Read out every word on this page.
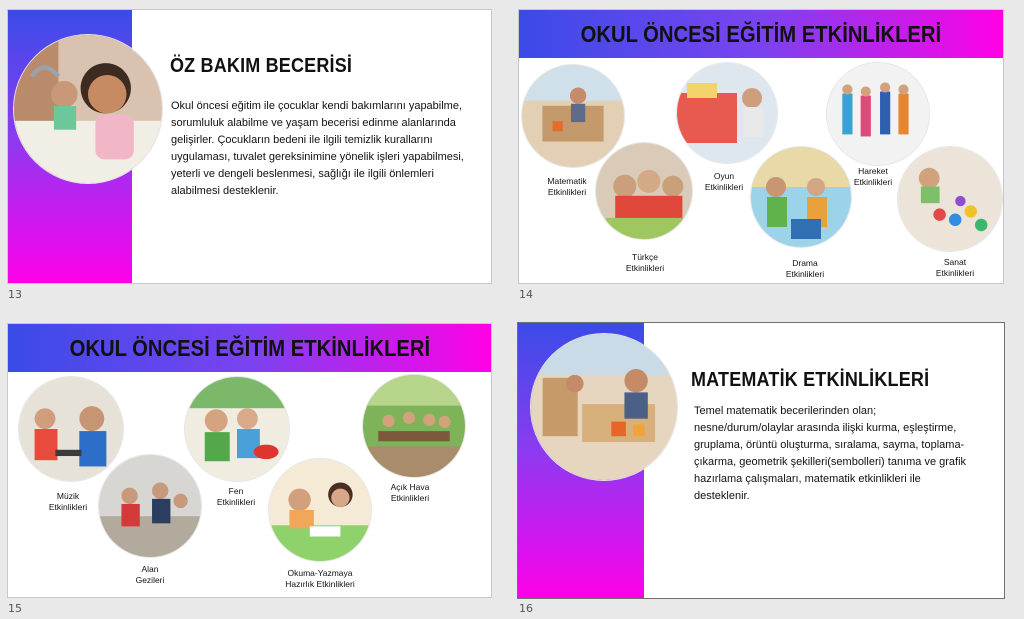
ÖZ BAKIM BECERİSİ
Okul öncesi eğitim ile çocuklar kendi bakımlarını yapabilme, sorumluluk alabilme ve yaşam becerisi edinme alanlarında gelişirler. Çocukların bedeni ile ilgili temizlik kurallarını uygulaması, tuvalet gereksinimine yönelik işleri yapabilmesi, yeterli ve dengeli beslenmesi, sağlığı ile ilgili önlemleri alabilmesi desteklenir.
13
OKUL ÖNCESİ EĞİTİM ETKİNLİKLERİ
Matematik
Etkinlikleri
Türkçe
Etkinlikleri
Oyun
Etkinlikleri
Drama
Etkinlikleri
Hareket
Etkinlikleri
Sanat
Etkinlikleri
14
OKUL ÖNCESİ EĞİTİM ETKİNLİKLERİ
Müzik
Etkinlikleri
Alan
Gezileri
Fen
Etkinlikleri
Okuma-Yazmaya
Hazırlık Etkinlikleri
Açık Hava
Etkinlikleri
15
MATEMATİK ETKİNLİKLERİ
Temel matematik becerilerinden olan; nesne/durum/olaylar arasında ilişki kurma, eşleştirme, gruplama, örüntü oluşturma, sıralama, sayma, toplama-çıkarma, geometrik şekilleri(sembolleri) tanıma ve grafik hazırlama çalışmaları, matematik etkinlikleri ile desteklenir.
16
